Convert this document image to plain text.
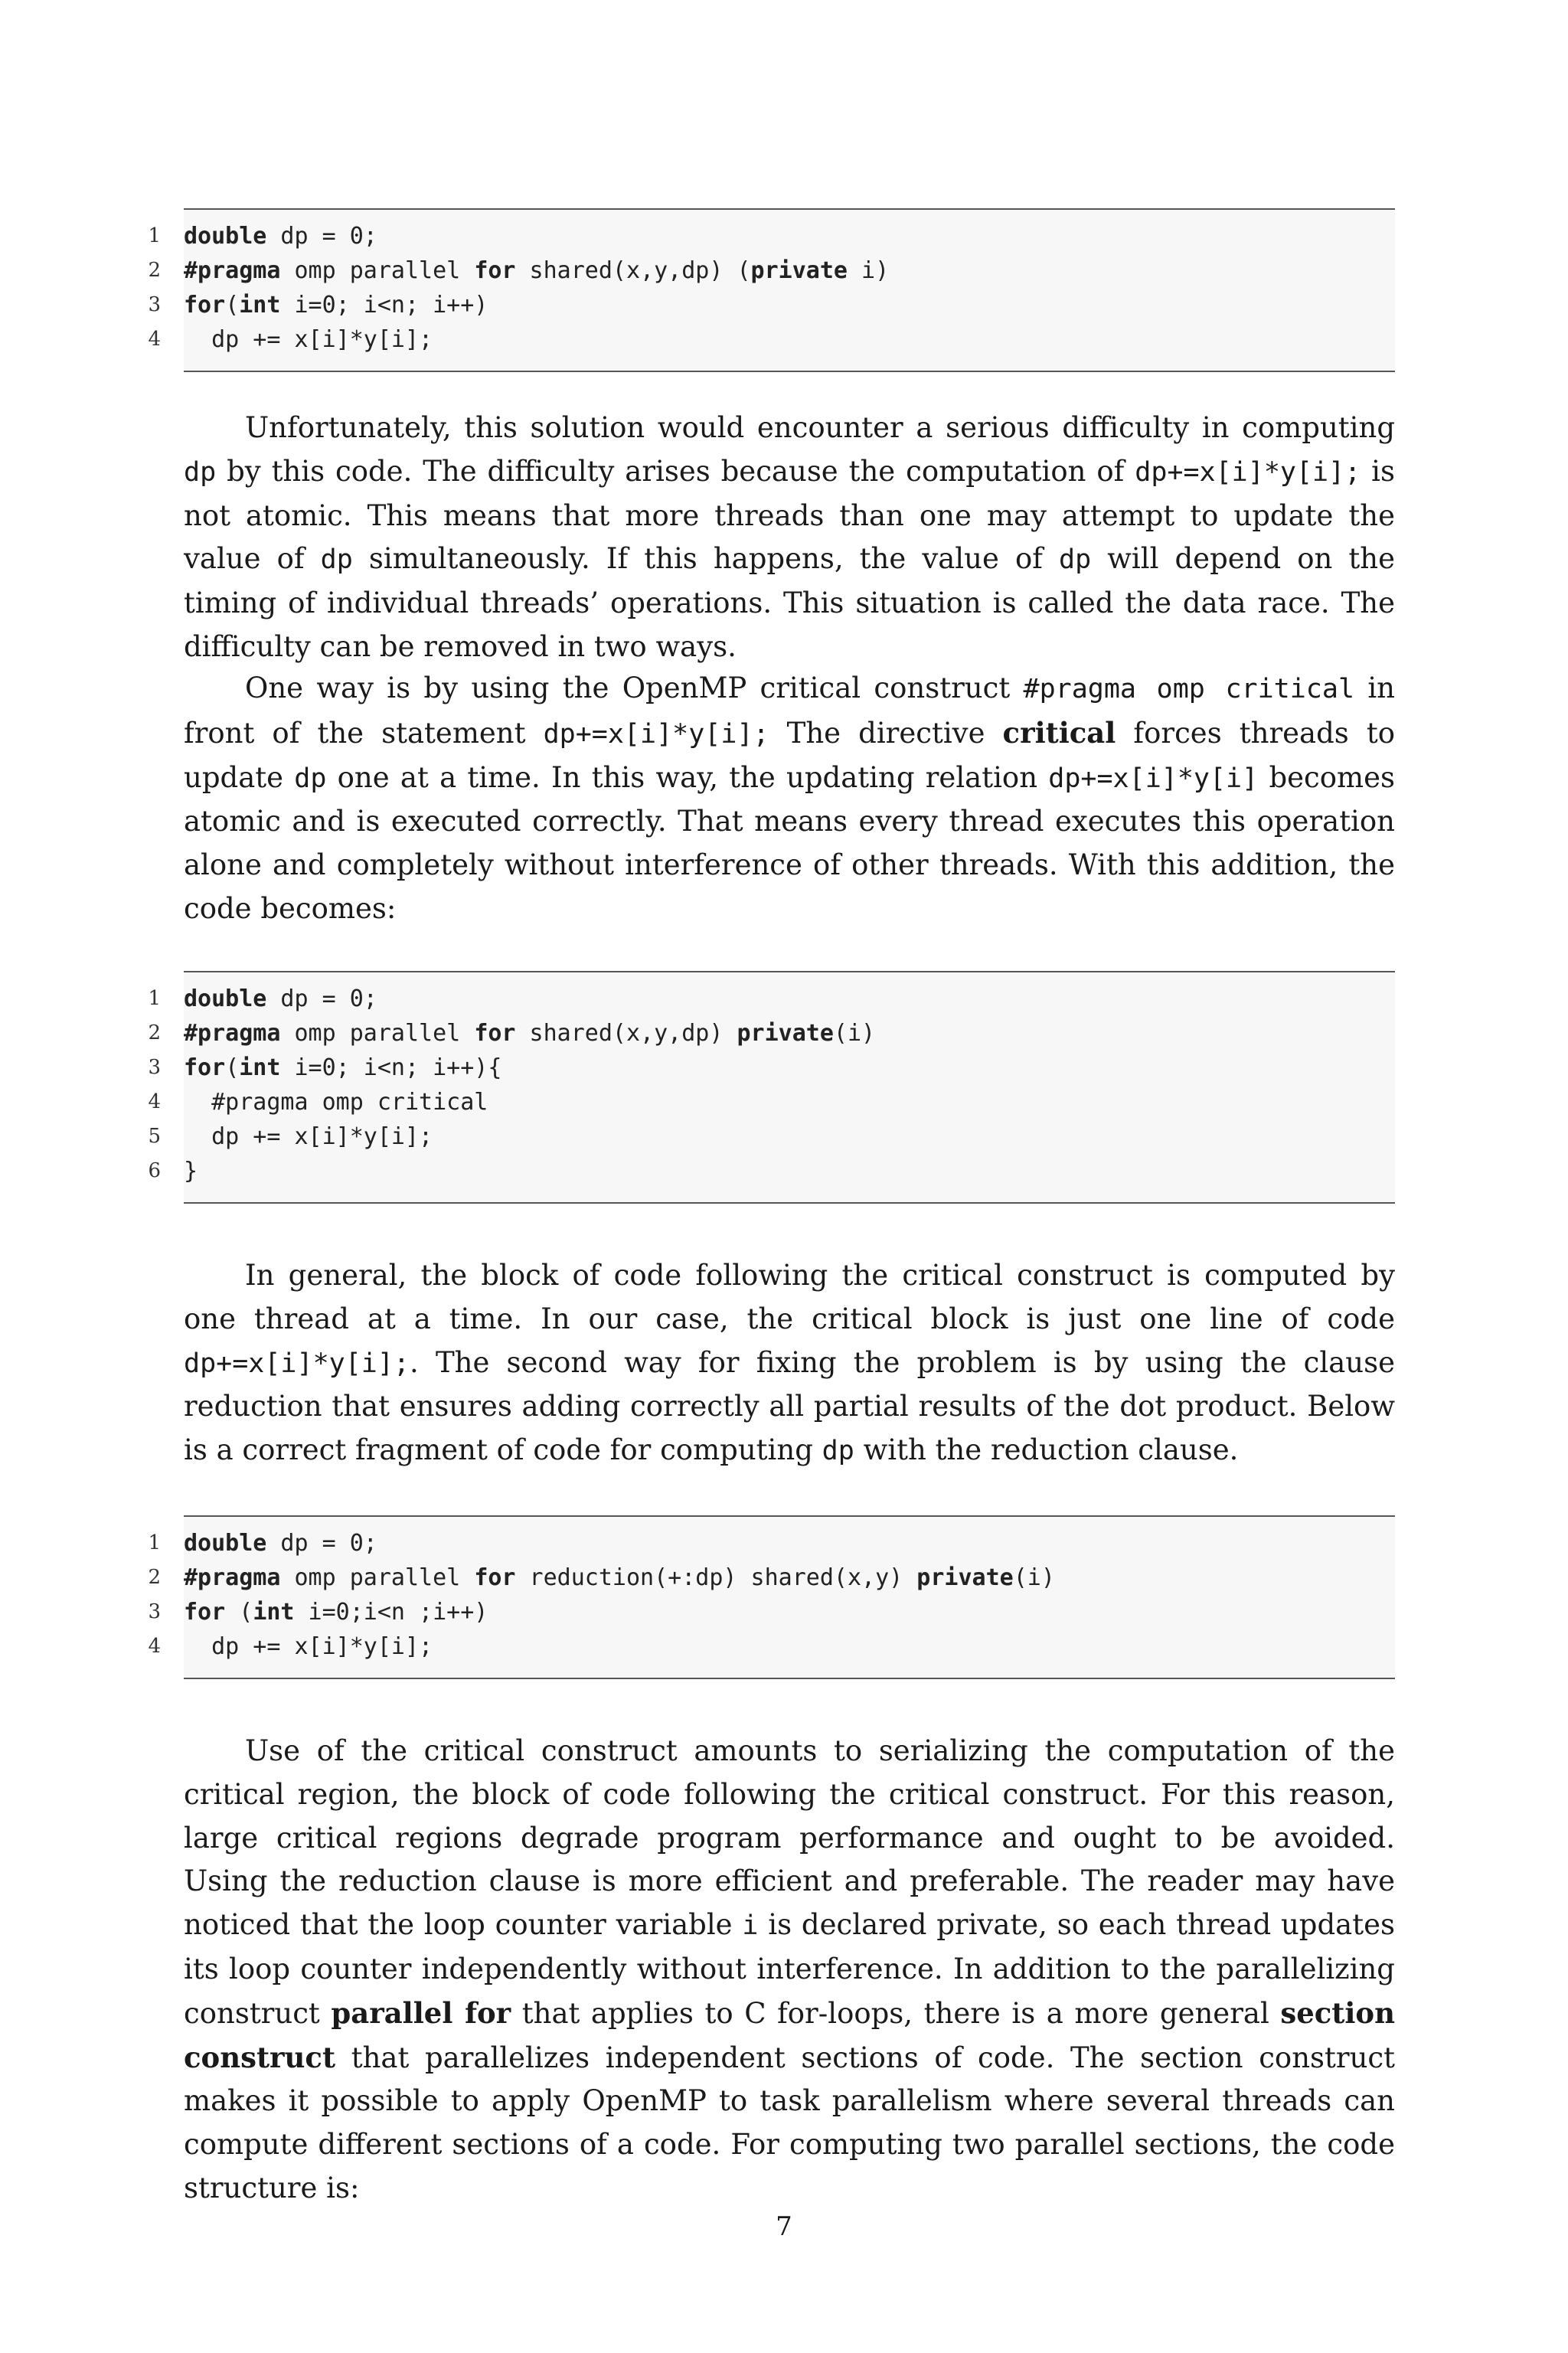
1 double dp = 0;
2 #pragma omp parallel for shared(x,y,dp) (private i)
3 for(int i=0; i<n; i++)
4 dp += x[i]*y[i];

Unfortunately, this solution would encounter a serious difficulty in computing dp by this code. The difficulty arises because the computation of dp+=x[i]*y[i]; is not atomic. This means that more threads than one may attempt to update the value of dp simultaneously. If this happens, the value of dp will depend on the timing of individual threads’ operations. This situation is called the data race. The difficulty can be removed in two ways.

One way is by using the OpenMP critical construct #pragma omp critical in front of the statement dp+=x[i]*y[i]; The directive critical forces threads to update dp one at a time. In this way, the updating relation dp+=x[i]*y[i] becomes atomic and is executed correctly. That means every thread executes this operation alone and completely without interference of other threads. With this addition, the code becomes:

1 double dp = 0;
2 #pragma omp parallel for shared(x,y,dp) private(i)
3 for(int i=0; i<n; i++){
4 #pragma omp critical
5 dp += x[i]*y[i];
6 }

In general, the block of code following the critical construct is computed by one thread at a time. In our case, the critical block is just one line of code dp+=x[i]*y[i];. The second way for fixing the problem is by using the clause reduction that ensures adding correctly all partial results of the dot product. Below is a correct fragment of code for computing dp with the reduction clause.

1 double dp = 0;
2 #pragma omp parallel for reduction(+:dp) shared(x,y) private(i)
3 for (int i=0;i<n ;i++)
4 dp += x[i]*y[i];

Use of the critical construct amounts to serializing the computation of the critical region, the block of code following the critical construct. For this reason, large critical regions degrade program performance and ought to be avoided. Using the reduction clause is more efficient and preferable. The reader may have noticed that the loop counter variable i is declared private, so each thread updates its loop counter independently without interference. In addition to the parallelizing construct parallel for that applies to C for-loops, there is a more general section construct that parallelizes independent sections of code. The section construct makes it possible to apply OpenMP to task parallelism where several threads can compute different sections of a code. For computing two parallel sections, the code structure is:

7
